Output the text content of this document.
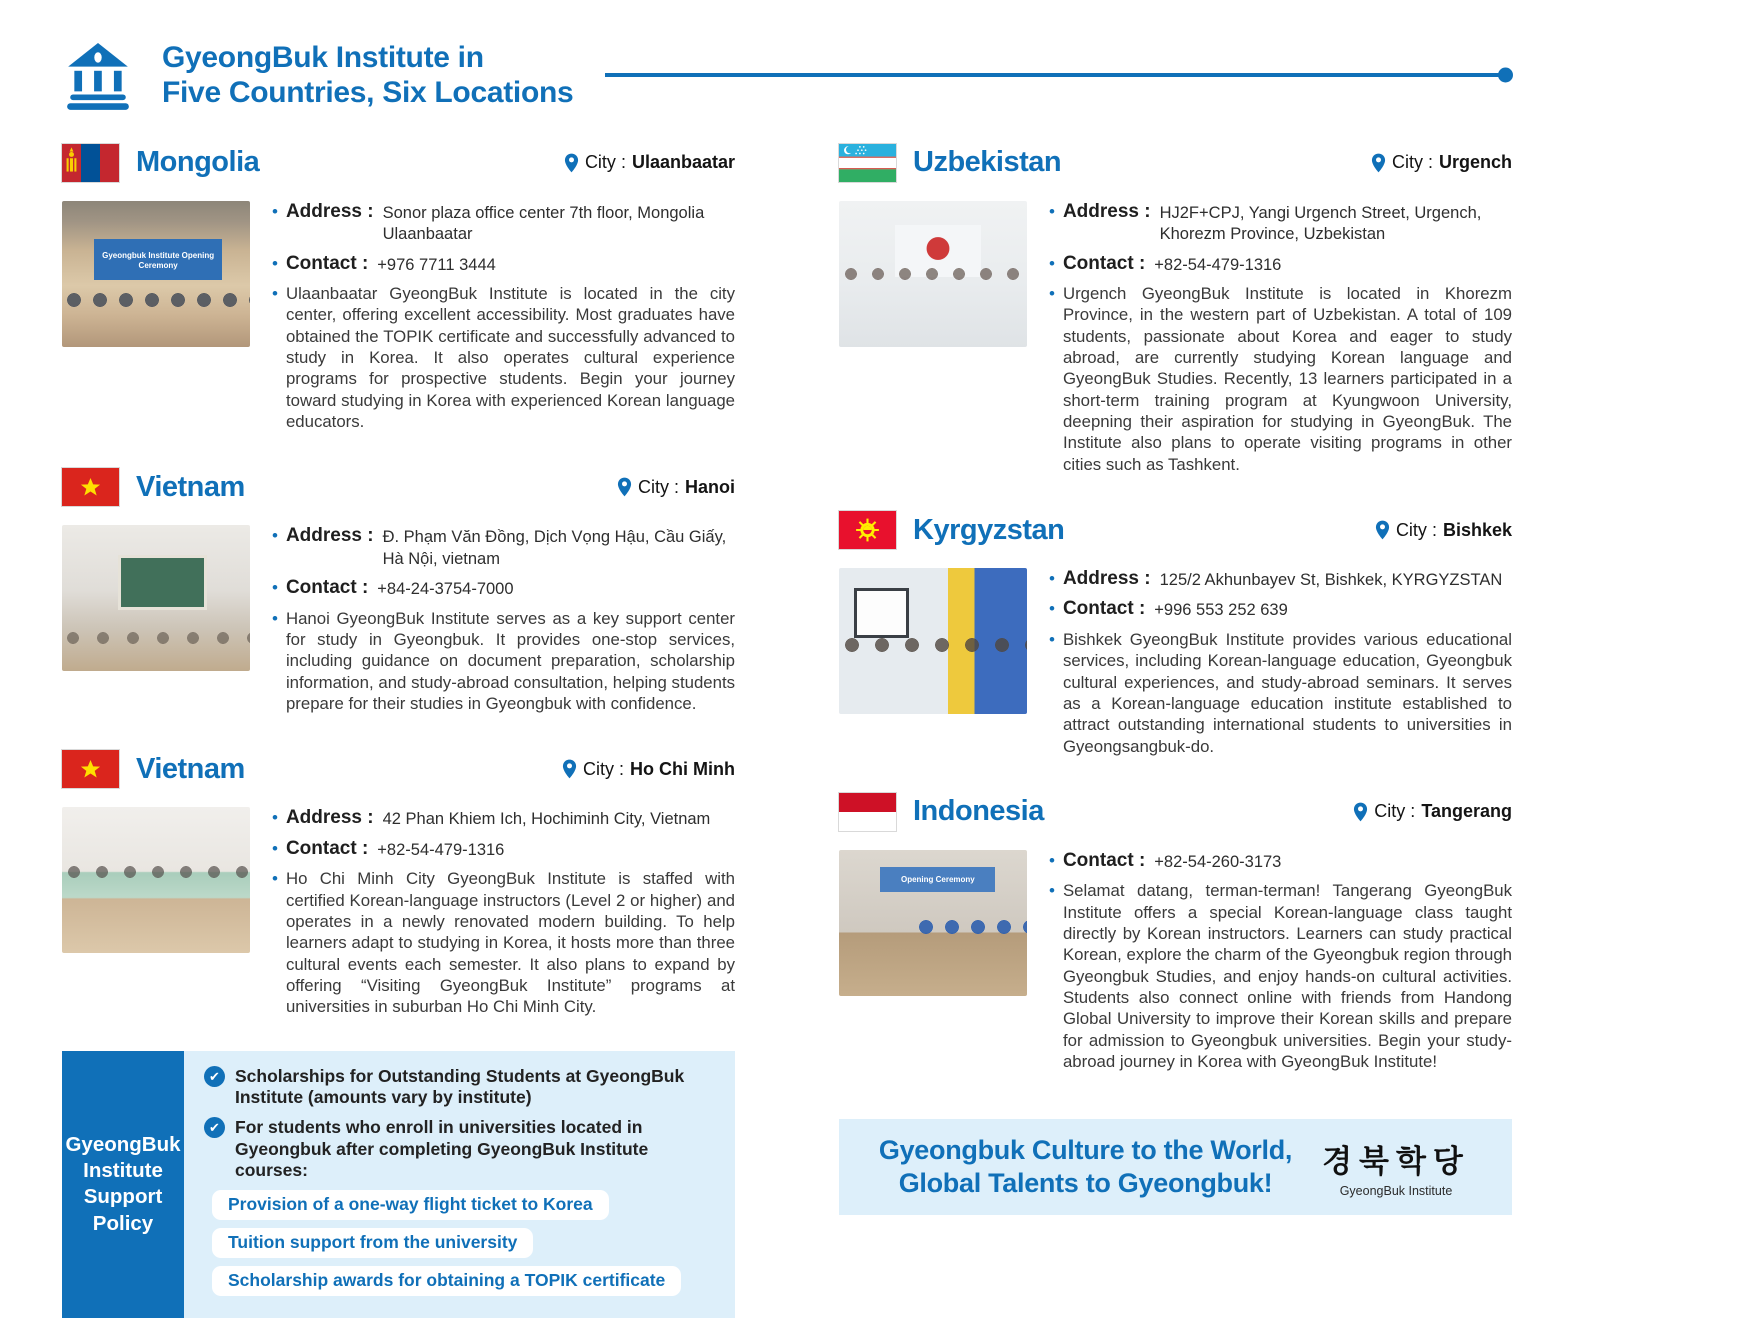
GyeongBuk Institute in
Five Countries, Six Locations
Mongolia	City : Ulaanbaatar
Gyeongbuk Institute Opening Ceremony
• Address : Sonor plaza office center 7th floor, Mongolia Ulaanbaatar
• Contact : +976 7711 3444
• Ulaanbaatar GyeongBuk Institute is located in the city center, offering excellent accessibility. Most graduates have obtained the TOPIK certificate and successfully advanced to study in Korea. It also operates cultural experience programs for prospective students. Begin your journey toward studying in Korea with experienced Korean language educators.
Vietnam	City : Hanoi
• Address : Đ. Phạm Văn Đồng, Dịch Vọng Hậu, Cầu Giấy, Hà Nội, vietnam
• Contact : +84-24-3754-7000
• Hanoi GyeongBuk Institute serves as a key support center for study in Gyeongbuk. It provides one-stop services, including guidance on document preparation, scholarship information, and study-abroad consultation, helping students prepare for their studies in Gyeongbuk with confidence.
Vietnam	City : Ho Chi Minh
• Address : 42 Phan Khiem Ich, Hochiminh City, Vietnam
• Contact : +82-54-479-1316
• Ho Chi Minh City GyeongBuk Institute is staffed with certified Korean-language instructors (Level 2 or higher) and operates in a newly renovated modern building. To help learners adapt to studying in Korea, it hosts more than three cultural events each semester. It also plans to expand by offering “Visiting GyeongBuk Institute” programs at universities in suburban Ho Chi Minh City.
GyeongBuk
Institute
Support
Policy
✔ Scholarships for Outstanding Students at GyeongBuk Institute (amounts vary by institute)
✔ For students who enroll in universities located in Gyeongbuk after completing GyeongBuk Institute courses:
Provision of a one-way flight ticket to Korea
Tuition support from the university
Scholarship awards for obtaining a TOPIK certificate
Uzbekistan	City : Urgench
• Address : HJ2F+CPJ, Yangi Urgench Street, Urgench, Khorezm Province, Uzbekistan
• Contact : +82-54-479-1316
• Urgench GyeongBuk Institute is located in Khorezm Province, in the western part of Uzbekistan. A total of 109 students, passionate about Korea and eager to study abroad, are currently studying Korean language and GyeongBuk Studies. Recently, 13 learners participated in a short-term training program at Kyungwoon University, deepning their aspiration for studying in GyeongBuk. The Institute also plans to operate visiting programs in other cities such as Tashkent.
Kyrgyzstan	City : Bishkek
• Address : 125/2 Akhunbayev St, Bishkek, KYRGYZSTAN
• Contact : +996 553 252 639
• Bishkek GyeongBuk Institute provides various educational services, including Korean-language education, Gyeongbuk cultural experiences, and study-abroad seminars. It serves as a Korean-language education institute established to attract outstanding international students to universities in Gyeongsangbuk-do.
Indonesia	City : Tangerang
Opening Ceremony
• Contact : +82-54-260-3173
• Selamat datang, terman-terman! Tangerang GyeongBuk Institute offers a special Korean-language class taught directly by Korean instructors. Learners can study practical Korean, explore the charm of the Gyeongbuk region through Gyeongbuk Studies, and enjoy hands-on cultural activities. Students also connect online with friends from Handong Global University to improve their Korean skills and prepare for admission to Gyeongbuk universities. Begin your study-abroad journey in Korea with GyeongBuk Institute!
Gyeongbuk Culture to the World,
Global Talents to Gyeongbuk!
경북학당
GyeongBuk Institute
